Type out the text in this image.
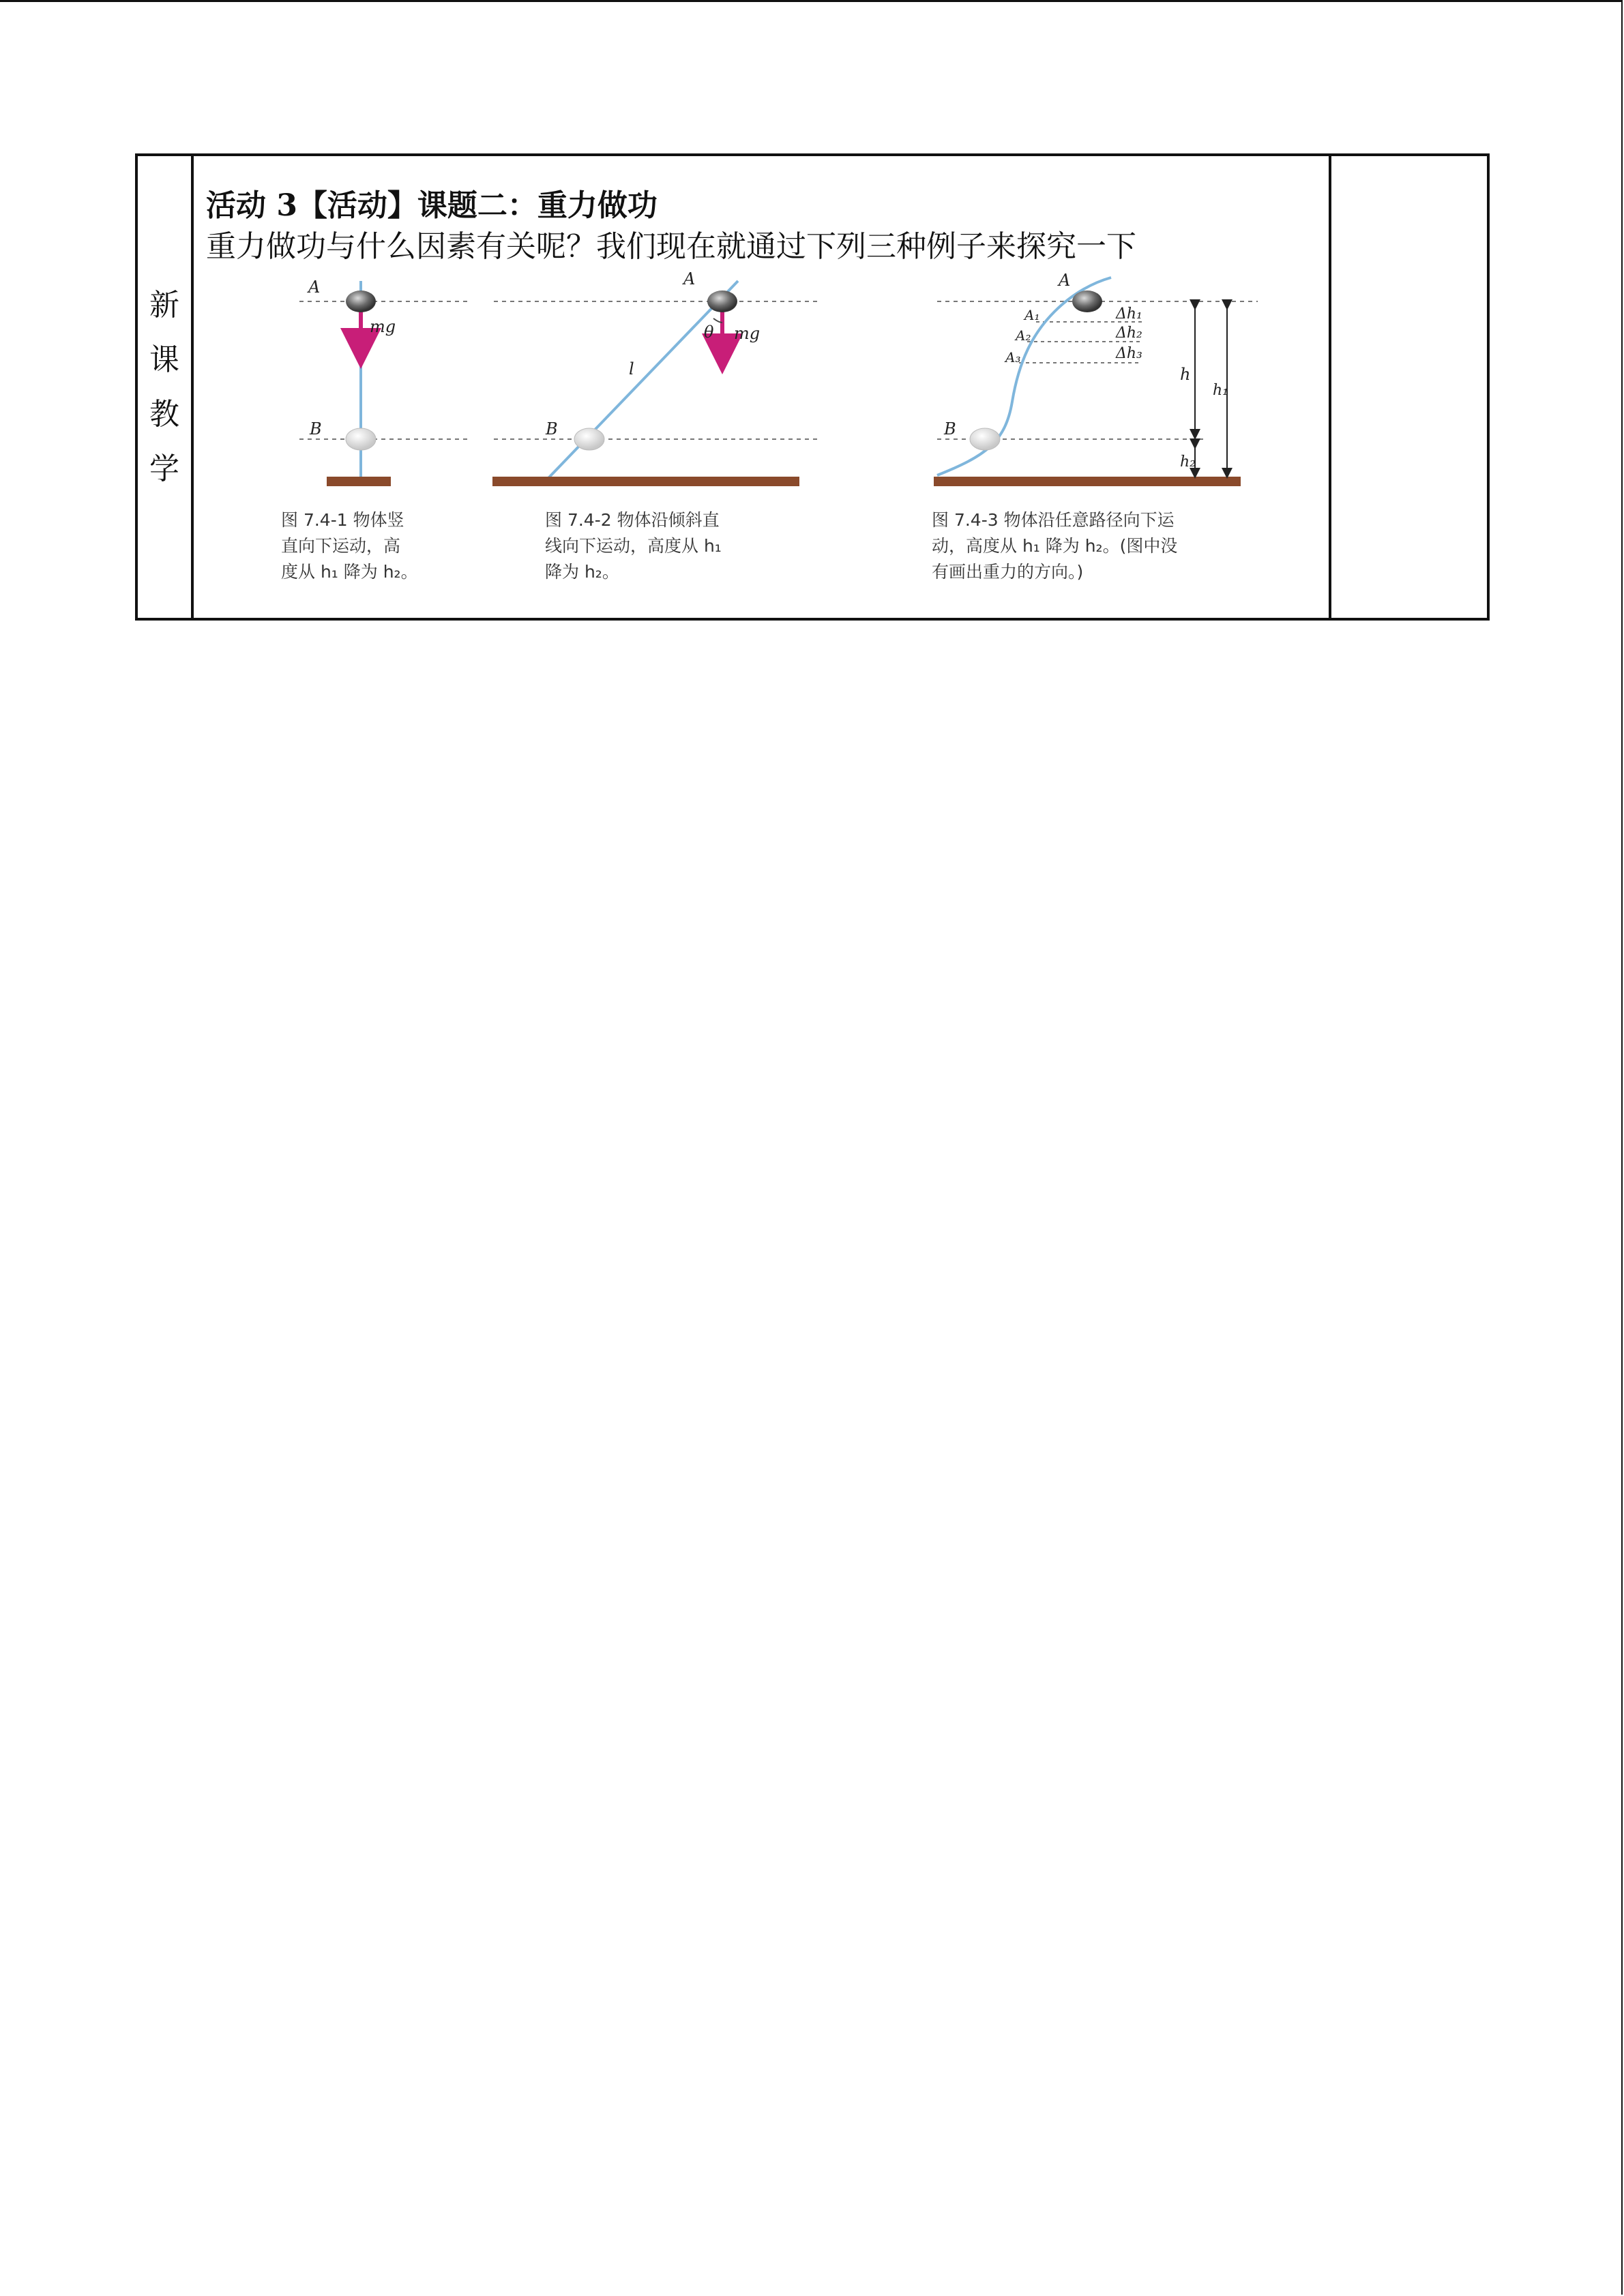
新
课
教
学

活动 3【活动】课题二：重力做功
重力做功与什么因素有关呢？我们现在就通过下列三种例子来探究一下
A
B
mg
图 7.4-1 物体竖
直向下运动，高
度从 h₁ 降为 h₂。
A
B
mg
θ
l
图 7.4-2 物体沿倾斜直
线向下运动，高度从 h₁
降为 h₂。
A
A₁
A₂
A₃
B
Δh₁
Δh₂
Δh₃
h
h₁
h₂
图 7.4-3 物体沿任意路径向下运
动，高度从 h₁ 降为 h₂。(图中没
有画出重力的方向。)
